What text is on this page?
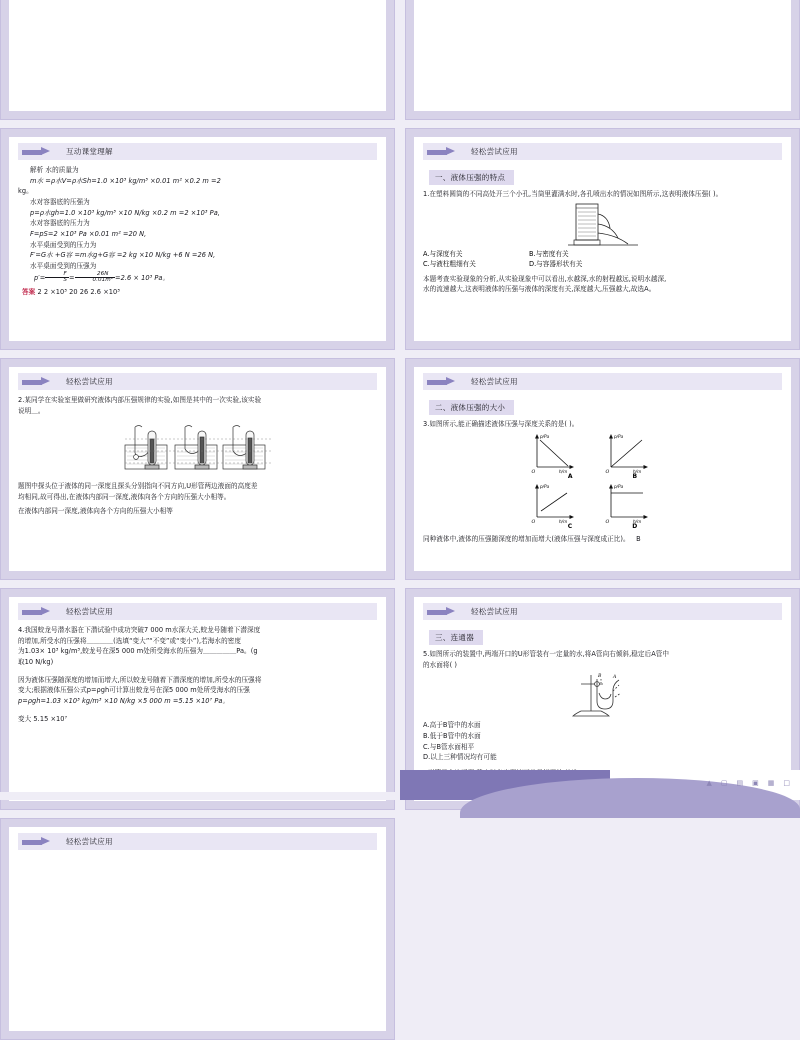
互动课堂理解
解析 水的质量为
m水 =ρ水V=ρ水Sh=1.0 ×10³ kg/m³ ×0.01 m² ×0.2 m =2
kg。
水对容器底的压强为
p=ρ水gh=1.0 ×10³ kg/m³ ×10 N/kg ×0.2 m =2 ×10³ Pa,
水对容器底的压力为
F=pS=2 ×10³ Pa ×0.01 m² =20 N,
水平桌面受到的压力为
F′=G水 +G容 =m水g+G容 =2 kg ×10 N/kg +6 N =26 N,
水平桌面受到的压强为
$p'= \frac{F}{S} = \frac{26N}{\text{0.01m²}} =2.6 \times 10^3$ Pa。
答案 2 2 ×10³ 20 26 2.6 ×10³
轻松尝试应用
一、液体压强的特点
1.在塑料圆筒的不同高处开三个小孔,当筒里灌满水时,各孔喷出水的情况如图所示,这表明液体压强( )。
A.与深度有关	B.与密度有关
C.与液柱粗细有关	D.与容器形状有关
本题考查实验现象的分析,从实验现象中可以看出,水越深,水的射程越远,说明水越深,
水的流速越大,这表明液体的压强与液体的深度有关,深度越大,压强越大,故选A。
轻松尝试应用
2.某同学在实验室里做研究液体内部压强规律的实验,如图是其中的一次实验,该实验
说明＿。
题图中探头位于液体的同一深度且探头分别指向不同方向,U形管两边液面的高度差
均相同,故可得出,在液体内部同一深度,液体向各个方向的压强大小相等。
在液体内部同一深度,液体向各个方向的压强大小相等
轻松尝试应用
二、液体压强的大小
3.如图所示,能正确描述液体压强与深度关系的是( )。
p/Pa
O	h/m
p/Pa
O	h/m
A	B
p/Pa
O	h/m
p/Pa
O	h/m
C	D
同种液体中,液体的压强随深度的增加而增大(液体压强与深度成正比)。 B
轻松尝试应用
4.我国蛟龙号潜水器在下潜试验中成功突破7 000 m水深大关,蛟龙号随着下潜深度
的增加,所受水的压强将＿＿＿＿(选填“变大”“不变”或“变小”),若海水的密度
为1.03× 10³ kg/m³,蛟龙号在深5 000 m处所受海水的压强为＿＿＿＿＿Pa。(g
取10 N/kg)
因为液体压强随深度的增加而增大,所以蛟龙号随着下潜深度的增加,所受水的压强将
变大;根据液体压强公式p=ρgh可计算出蛟龙号在深5 000 m处所受海水的压强
p=ρgh=1.03 ×10³ kg/m³ ×10 N/kg ×5 000 m =5.15 ×10⁷ Pa。
变大 5.15 ×10⁷
轻松尝试应用
三、连通器
5.如图所示的装置中,两端开口的U形管装有一定量的水,将A管向右倾斜,稳定后A管中
的水面将( )
B	A
A.高于B管中的水面
B.低于B管中的水面
C.与B管水面相平
D.以上三种情况均有可能

轻松尝试应用
▲ ▢ ▤ ▣ ▦ □
